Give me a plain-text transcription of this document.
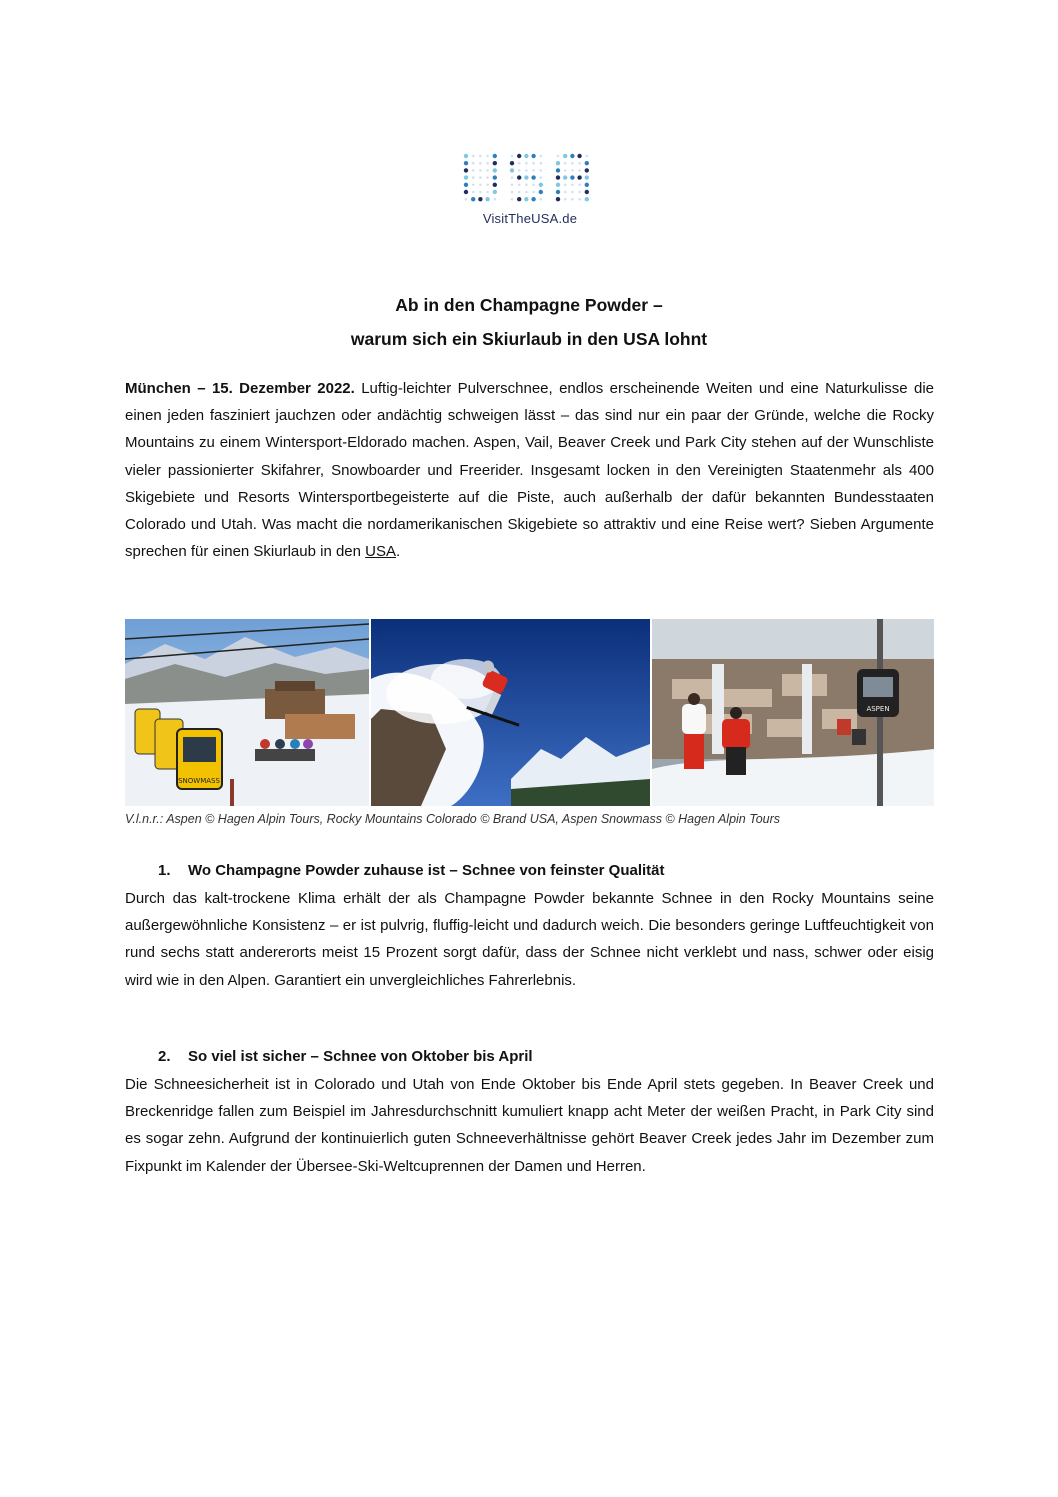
VisitTheUSA.de
Ab in den Champagne Powder –
warum sich ein Skiurlaub in den USA lohnt

München – 15. Dezember 2022. Luftig-leichter Pulverschnee, endlos erscheinende Weiten und eine Naturkulisse die einen jeden fasziniert jauchzen oder andächtig schweigen lässt – das sind nur ein paar der Gründe, welche die Rocky Mountains zu einem Wintersport-Eldorado machen. Aspen, Vail, Beaver Creek und Park City stehen auf der Wunschliste vieler passionierter Skifahrer, Snowboarder und Freerider. Insgesamt locken in den Vereinigten Staatenmehr als 400 Skigebiete und Resorts Wintersportbegeisterte auf die Piste, auch außerhalb der dafür bekannten Bundesstaaten Colorado und Utah. Was macht die nordamerikanischen Skigebiete so attraktiv und eine Reise wert? Sieben Argumente sprechen für einen Skiurlaub in den USA.

SNOWMASS
ASPEN
V.l.n.r.: Aspen © Hagen Alpin Tours, Rocky Mountains Colorado © Brand USA, Aspen Snowmass © Hagen Alpin Tours
1. Wo Champagne Powder zuhause ist – Schnee von feinster Qualität

Durch das kalt-trockene Klima erhält der als Champagne Powder bekannte Schnee in den Rocky Mountains seine außergewöhnliche Konsistenz – er ist pulvrig, fluffig-leicht und dadurch weich. Die besonders geringe Luftfeuchtigkeit von rund sechs statt andererorts meist 15 Prozent sorgt dafür, dass der Schnee nicht verklebt und nass, schwer oder eisig wird wie in den Alpen. Garantiert ein unvergleichliches Fahrerlebnis.

2. So viel ist sicher – Schnee von Oktober bis April

Die Schneesicherheit ist in Colorado und Utah von Ende Oktober bis Ende April stets gegeben. In Beaver Creek und Breckenridge fallen zum Beispiel im Jahresdurchschnitt kumuliert knapp acht Meter der weißen Pracht, in Park City sind es sogar zehn. Aufgrund der kontinuierlich guten Schneeverhältnisse gehört Beaver Creek jedes Jahr im Dezember zum Fixpunkt im Kalender der Übersee-Ski-Weltcuprennen der Damen und Herren.
